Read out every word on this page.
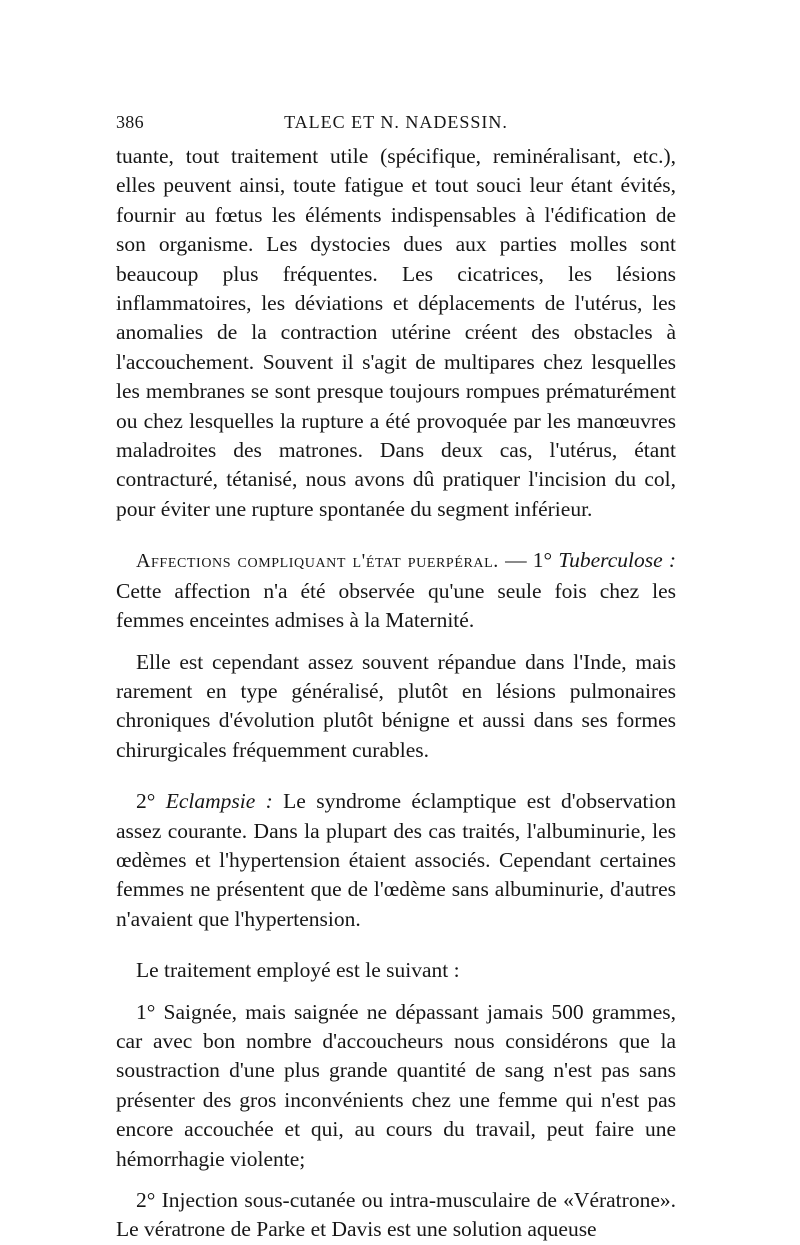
386	TALEC ET N. NADESSIN.

tuante, tout traitement utile (spécifique, reminéralisant, etc.), elles peuvent ainsi, toute fatigue et tout souci leur étant évités, fournir au fœtus les éléments indispensables à l'édification de son organisme. Les dystocies dues aux parties molles sont beaucoup plus fréquentes. Les cicatrices, les lésions inflammatoires, les déviations et déplacements de l'utérus, les anomalies de la contraction utérine créent des obstacles à l'accouchement. Souvent il s'agit de multipares chez lesquelles les membranes se sont presque toujours rompues prématurément ou chez lesquelles la rupture a été provoquée par les manœuvres maladroites des matrones. Dans deux cas, l'utérus, étant contracturé, tétanisé, nous avons dû pratiquer l'incision du col, pour éviter une rupture spontanée du segment inférieur.

Affections compliquant l'état puerpéral. — 1° Tuberculose : Cette affection n'a été observée qu'une seule fois chez les femmes enceintes admises à la Maternité.

Elle est cependant assez souvent répandue dans l'Inde, mais rarement en type généralisé, plutôt en lésions pulmonaires chroniques d'évolution plutôt bénigne et aussi dans ses formes chirurgicales fréquemment curables.

2° Eclampsie : Le syndrome éclamptique est d'observation assez courante. Dans la plupart des cas traités, l'albuminurie, les œdèmes et l'hypertension étaient associés. Cependant certaines femmes ne présentent que de l'œdème sans albuminurie, d'autres n'avaient que l'hypertension.

Le traitement employé est le suivant :

1° Saignée, mais saignée ne dépassant jamais 500 grammes, car avec bon nombre d'accoucheurs nous considérons que la soustraction d'une plus grande quantité de sang n'est pas sans présenter des gros inconvénients chez une femme qui n'est pas encore accouchée et qui, au cours du travail, peut faire une hémorrhagie violente;

2° Injection sous-cutanée ou intra-musculaire de «Vératrone». Le vératrone de Parke et Davis est une solution aqueuse
